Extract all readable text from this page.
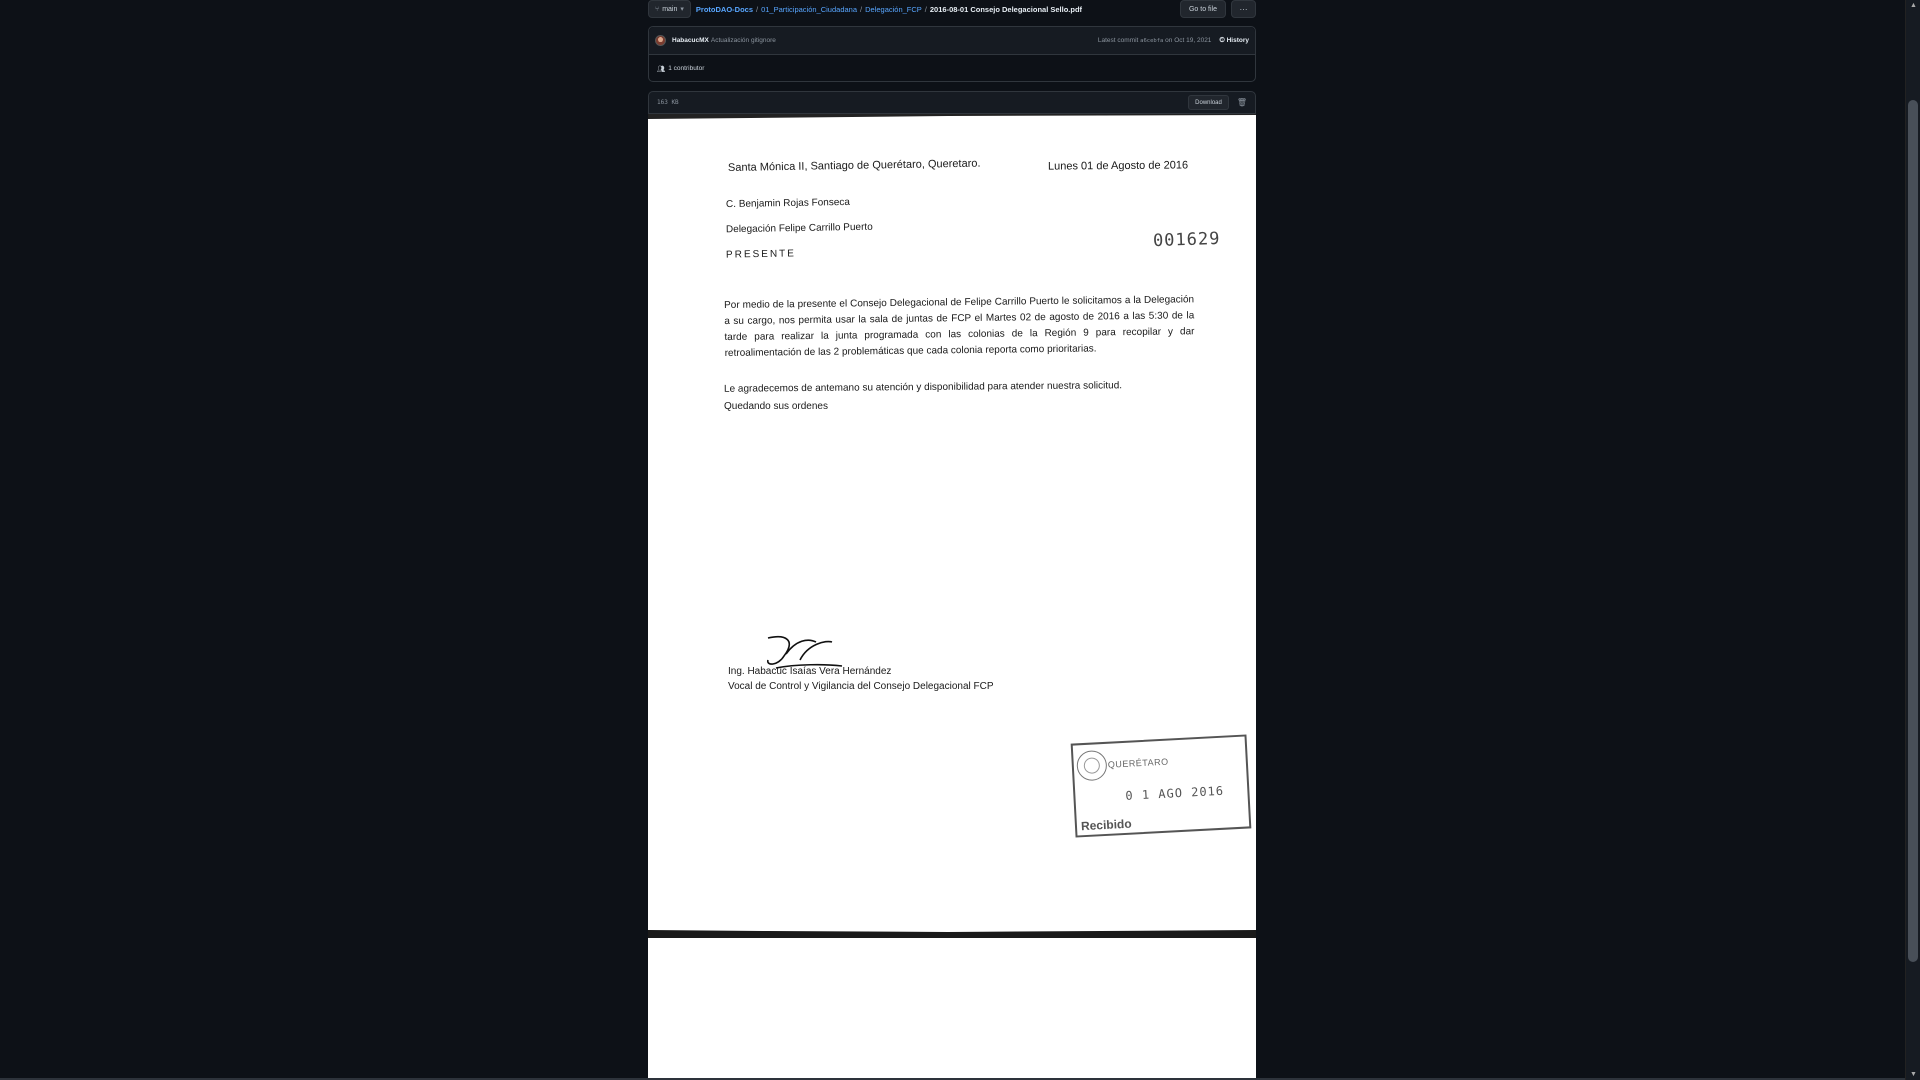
⑂ main ▾ ProtoDAO-Docs / 01_Participación_Ciudadana / Delegación_FCP / 2016-08-01 Consejo Delegacional Sello.pdf	Go to file	···
HabacucMX Actualización gitignore	Latest commit a6cebfa on Oct 19, 2021 🕓︎ History
👥︎ 1 contributor
163 KB	Download	🗑︎
Santa Mónica II, Santiago de Querétaro, Queretaro.	Lunes 01 de Agosto de 2016
C. Benjamin Rojas Fonseca
Delegación Felipe Carrillo Puerto
PRESENTE
001629
Por medio de la presente el Consejo Delegacional de Felipe Carrillo Puerto le solicitamos a la Delegación a su cargo, nos permita usar la sala de juntas de FCP el Martes 02 de agosto de 2016 a las 5:30 de la tarde para realizar la junta programada con las colonias de la Región 9 para recopilar y dar retroalimentación de las 2 problemáticas que cada colonia reporta como prioritarias.
Le agradecemos de antemano su atención y disponibilidad para atender nuestra solicitud.
Quedando sus ordenes
Ing. Habacuc Isaías Vera Hernández
Vocal de Control y Vigilancia del Consejo Delegacional FCP
QUERÉTARO
0 1 AGO 2016
Recibido
▲
▼
